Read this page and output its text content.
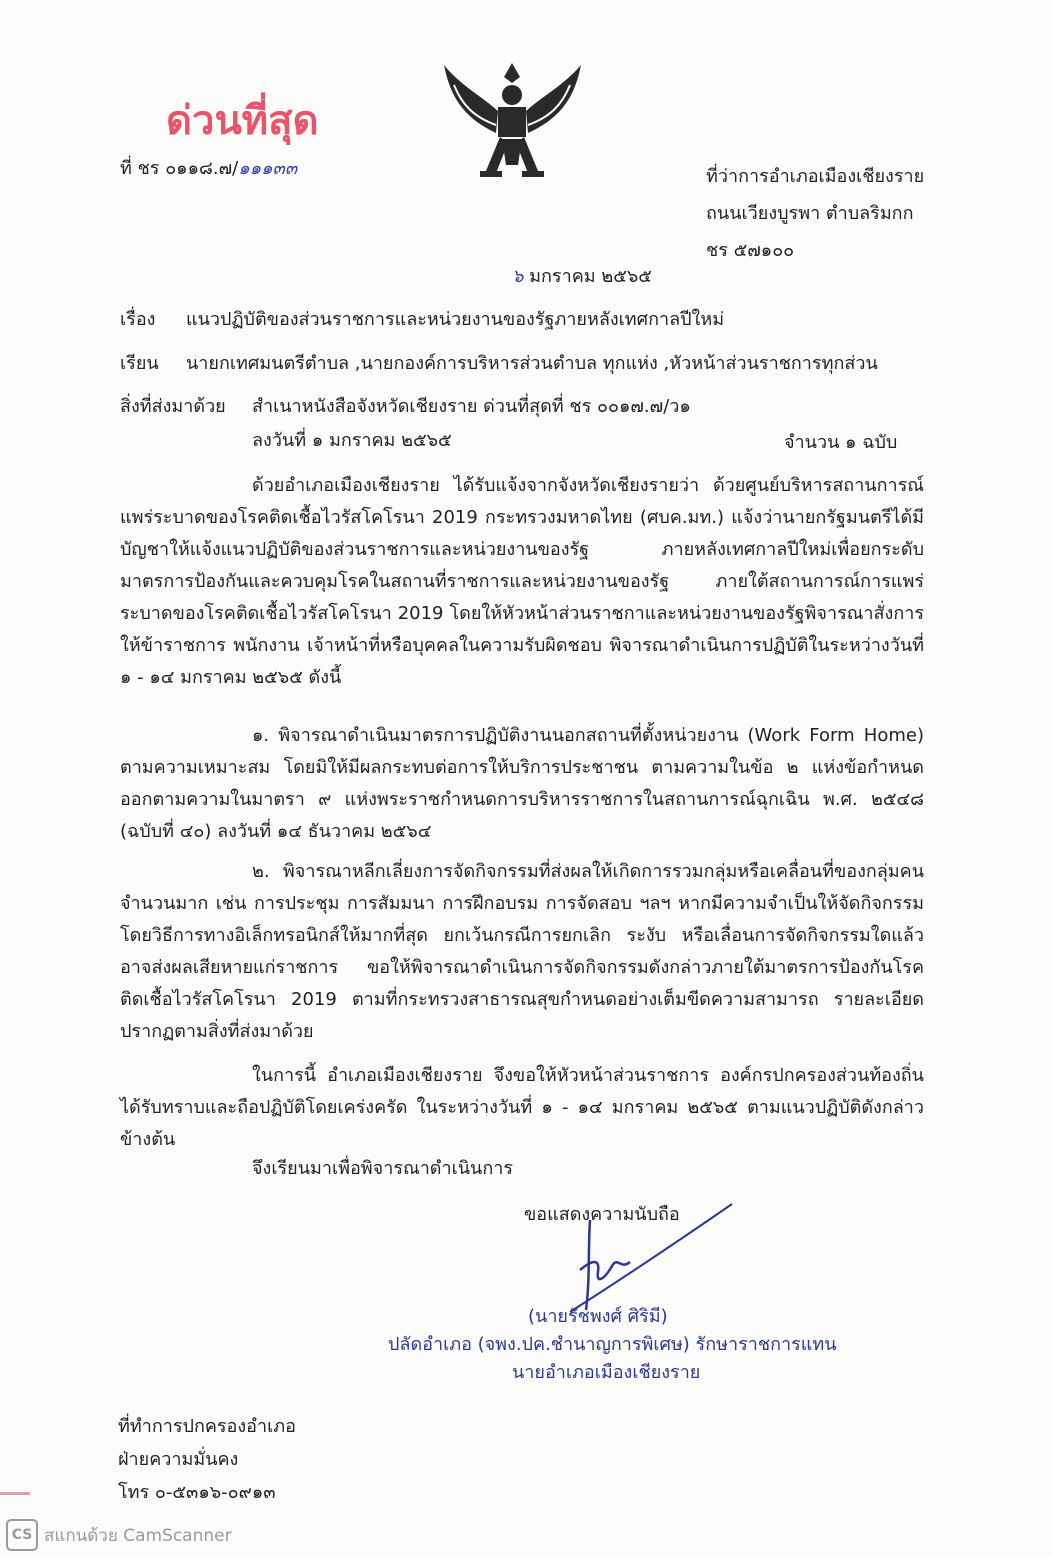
ด่วนที่สุด
ที่ ชร ๐๑๑๘.๗/๑๑๑๓๓	ที่ว่าการอำเภอเมืองเชียงราย
ถนนเวียงบูรพา ตำบลริมกก
ชร ๕๗๑๐๐
๖ มกราคม ๒๕๖๕
เรื่อง แนวปฏิบัติของส่วนราชการและหน่วยงานของรัฐภายหลังเทศกาลปีใหม่
เรียน นายกเทศมนตรีตำบล ,นายกองค์การบริหารส่วนตำบล ทุกแห่ง ,หัวหน้าส่วนราชการทุกส่วน
สิ่งที่ส่งมาด้วย สำเนาหนังสือจังหวัดเชียงราย ด่วนที่สุดที่ ชร ๐๐๑๗.๗/ว๑
ลงวันที่ ๑ มกราคม ๒๕๖๕	จำนวน ๑ ฉบับ
ด้วยอำเภอเมืองเชียงราย ได้รับแจ้งจากจังหวัดเชียงรายว่า ด้วยศูนย์บริหารสถานการณ์แพร่ระบาดของโรคติดเชื้อไวรัสโคโรนา 2019 กระทรวงมหาดไทย (ศบค.มท.) แจ้งว่านายกรัฐมนตรีได้มีบัญชาให้แจ้งแนวปฏิบัติของส่วนราชการและหน่วยงานของรัฐ ภายหลังเทศกาลปีใหม่เพื่อยกระดับมาตรการป้องกันและควบคุมโรคในสถานที่ราชการและหน่วยงานของรัฐ ภายใต้สถานการณ์การแพร่ระบาดของโรคติดเชื้อไวรัสโคโรนา 2019 โดยให้หัวหน้าส่วนราชกาและหน่วยงานของรัฐพิจารณาสั่งการให้ข้าราชการ พนักงาน เจ้าหน้าที่หรือบุคคลในความรับผิดชอบ พิจารณาดำเนินการปฏิบัติในระหว่างวันที่ ๑ - ๑๔ มกราคม ๒๕๖๕ ดังนี้
๑. พิจารณาดำเนินมาตรการปฏิบัติงานนอกสถานที่ตั้งหน่วยงาน (Work Form Home) ตามความเหมาะสม โดยมิให้มีผลกระทบต่อการให้บริการประชาชน ตามความในข้อ ๒ แห่งข้อกำหนดออกตามความในมาตรา ๙ แห่งพระราชกำหนดการบริหารราชการในสถานการณ์ฉุกเฉิน พ.ศ. ๒๕๔๘ (ฉบับที่ ๔๐) ลงวันที่ ๑๔ ธันวาคม ๒๕๖๔
๒. พิจารณาหลีกเลี่ยงการจัดกิจกรรมที่ส่งผลให้เกิดการรวมกลุ่มหรือเคลื่อนที่ของกลุ่มคนจำนวนมาก เช่น การประชุม การสัมมนา การฝึกอบรม การจัดสอบ ฯลฯ หากมีความจำเป็นให้จัดกิจกรรมโดยวิธีการทางอิเล็กทรอนิกส์ให้มากที่สุด ยกเว้นกรณีการยกเลิก ระงับ หรือเลื่อนการจัดกิจกรรมใดแล้วอาจส่งผลเสียหายแก่ราชการ ขอให้พิจารณาดำเนินการจัดกิจกรรมดังกล่าวภายใต้มาตรการป้องกันโรคติดเชื้อไวรัสโคโรนา 2019 ตามที่กระทรวงสาธารณสุขกำหนดอย่างเต็มขีดความสามารถ รายละเอียดปรากฏตามสิ่งที่ส่งมาด้วย
ในการนี้ อำเภอเมืองเชียงราย จึงขอให้หัวหน้าส่วนราชการ องค์กรปกครองส่วนท้องถิ่นได้รับทราบและถือปฏิบัติโดยเคร่งครัด ในระหว่างวันที่ ๑ - ๑๔ มกราคม ๒๕๖๕ ตามแนวปฏิบัติดังกล่าวข้างต้น
จึงเรียนมาเพื่อพิจารณาดำเนินการ
ขอแสดงความนับถือ
(นายรัชพงศ์ ศิริมี)
ปลัดอำเภอ (จพง.ปค.ชำนาญการพิเศษ) รักษาราชการแทน
นายอำเภอเมืองเชียงราย
ที่ทำการปกครองอำเภอ
ฝ่ายความมั่นคง
โทร ๐-๕๓๑๖-๐๙๑๓
CS สแกนด้วย CamScanner
